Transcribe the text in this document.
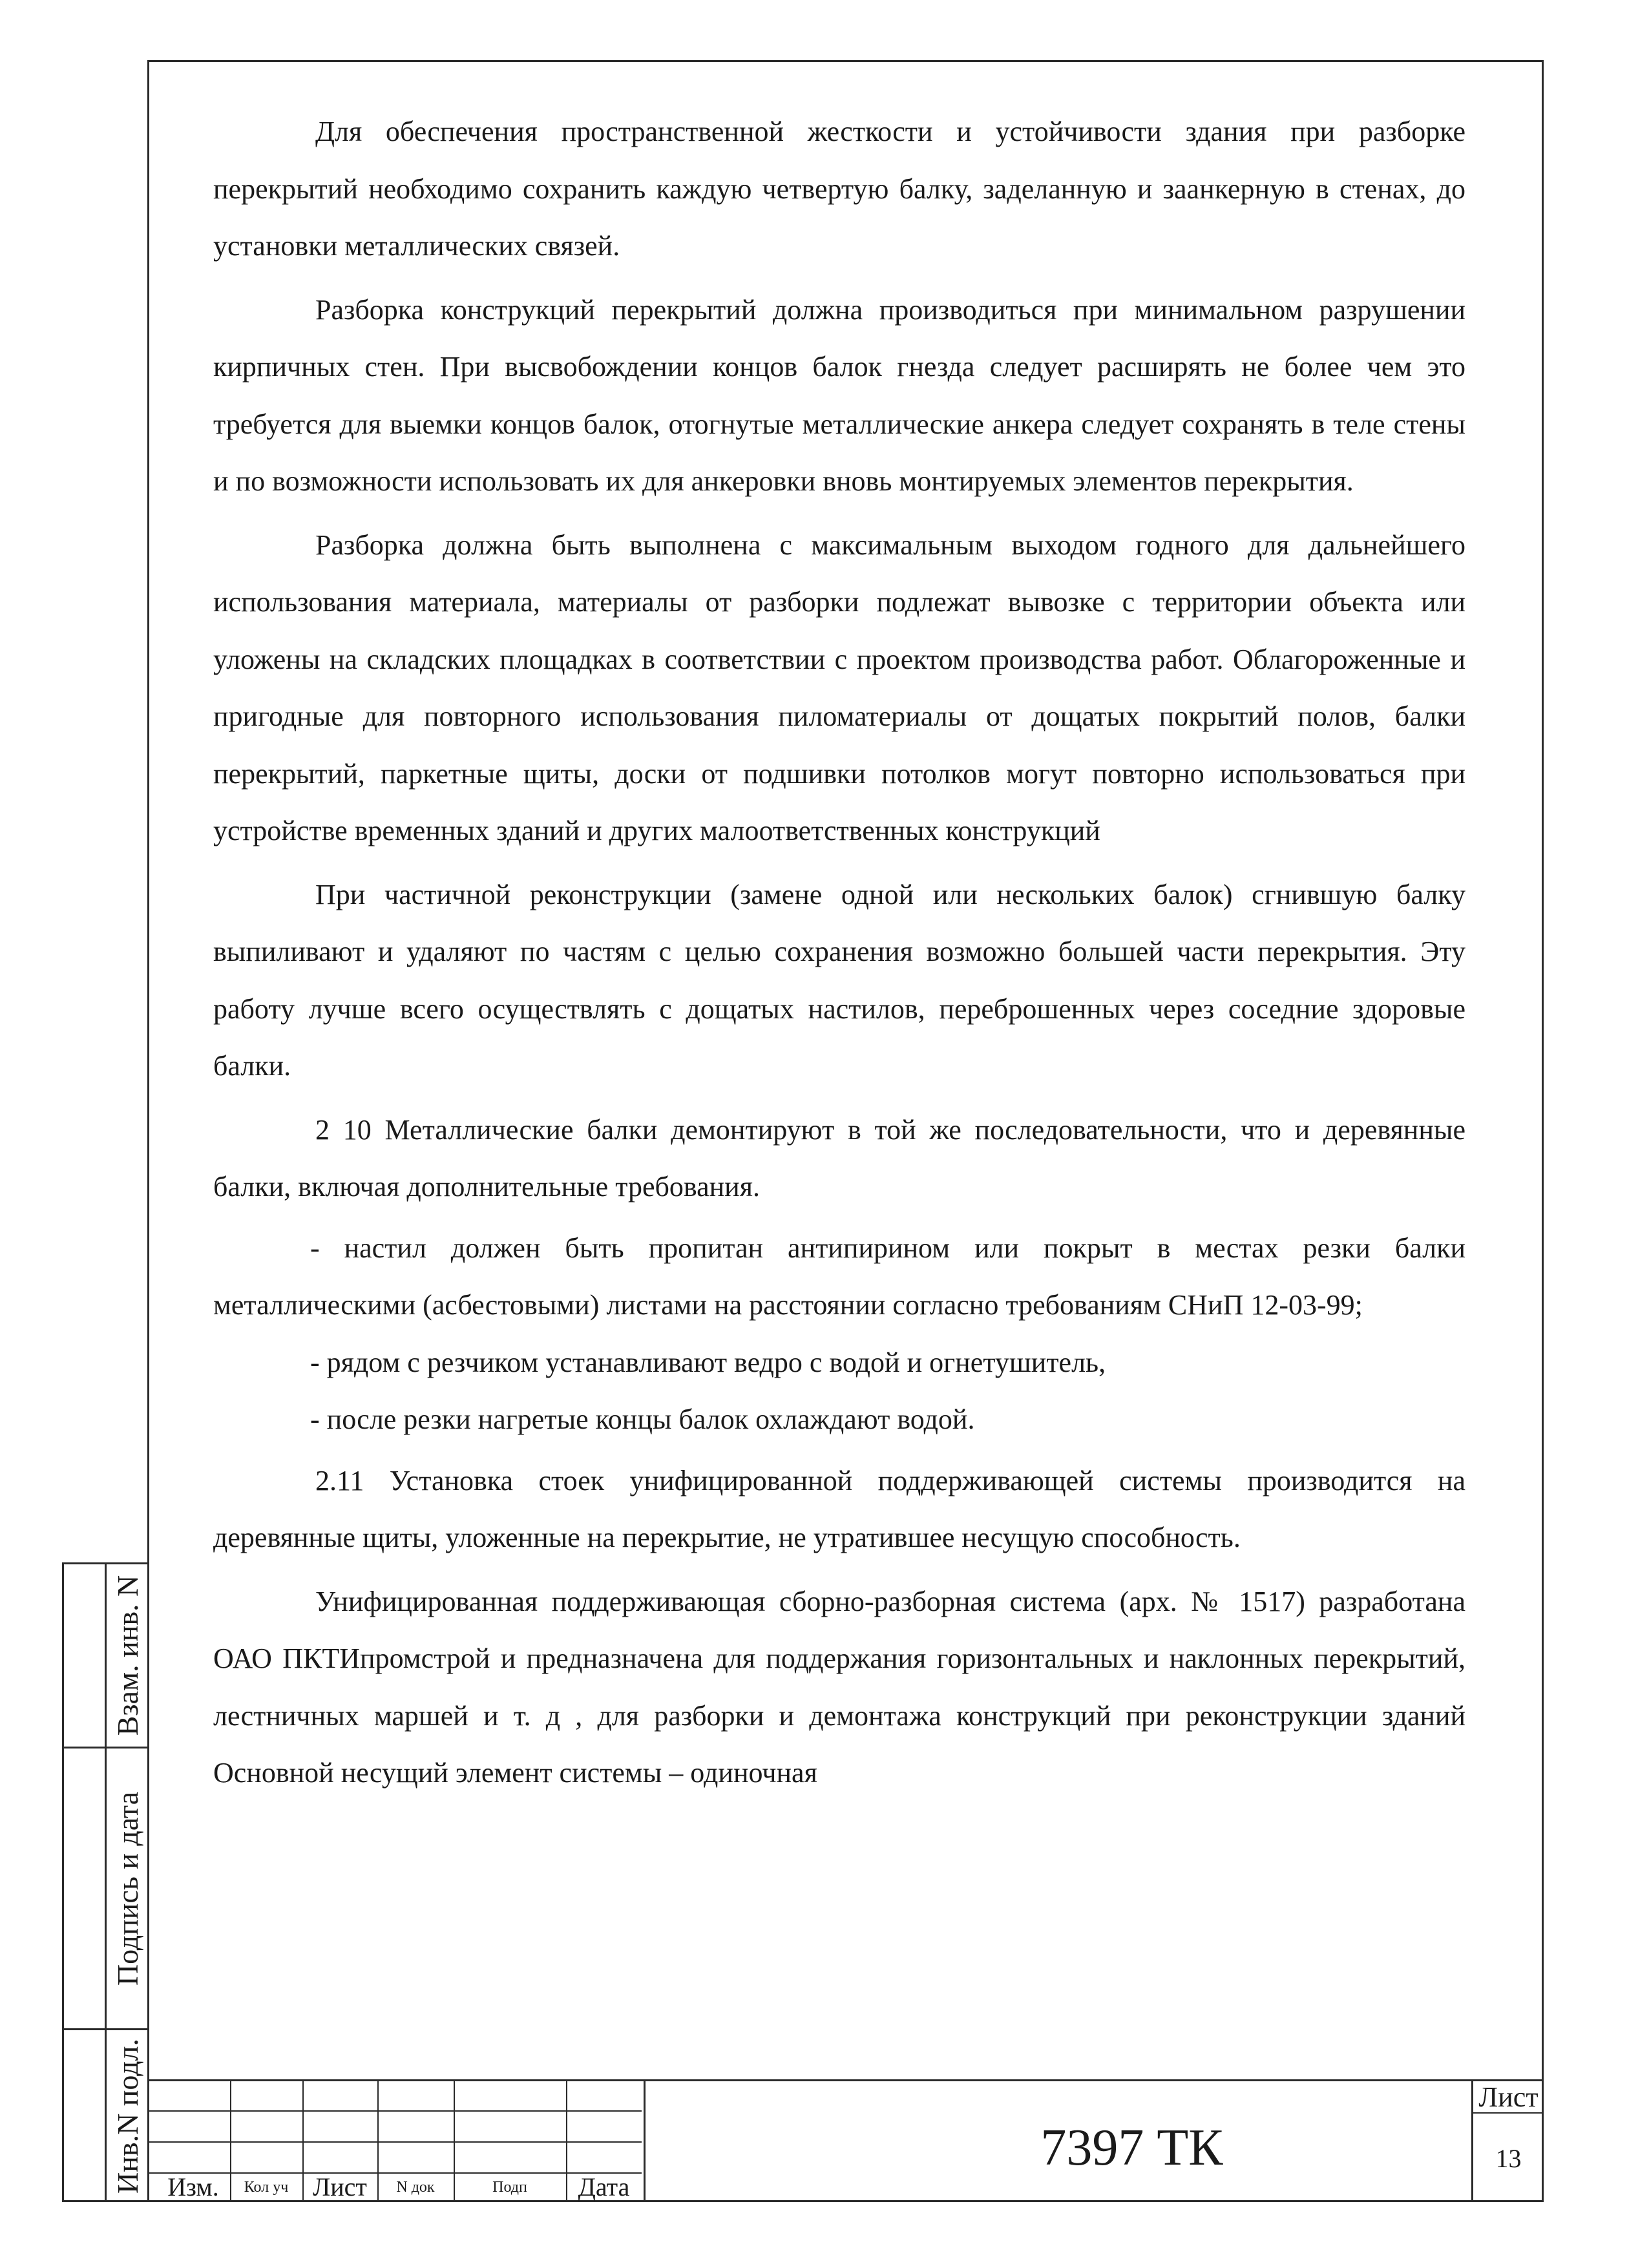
Взам. инв. N
Подпись и дата
Инв.N подл.

Для обеспечения пространственной жесткости и устойчивости здания при разборке перекрытий необходимо сохранить каждую четвертую балку, заделанную и заанкерную в стенах, до установки металлических связей.

Разборка конструкций перекрытий должна производиться при минимальном разрушении кирпичных стен. При высвобождении концов балок гнезда следует расширять не более чем это требуется для выемки концов балок, отогнутые металлические анкера следует сохранять в теле стены и по возможности использовать их для анкеровки вновь монтируемых элементов перекрытия.

Разборка должна быть выполнена с максимальным выходом годного для дальнейшего использования материала, материалы от разборки подлежат вывозке с территории объекта или уложены на складских площадках в соответствии с проектом производства работ. Облагороженные и пригодные для повторного использования пиломатериалы от дощатых покрытий полов, балки перекрытий, паркетные щиты, доски от подшивки потолков могут повторно использоваться при устройстве временных зданий и других малоответственных конструкций

При частичной реконструкции (замене одной или нескольких балок) сгнившую балку выпиливают и удаляют по частям с целью сохранения возможно большей части перекрытия. Эту работу лучше всего осуществлять с дощатых настилов, переброшенных через соседние здоровые балки.

2 10 Металлические балки демонтируют в той же последовательности, что и деревянные балки, включая дополнительные требования.

- настил должен быть пропитан антипирином или покрыт в местах резки балки металлическими (асбестовыми) листами на расстоянии согласно требованиям СНиП 12-03-99;

- рядом с резчиком устанавливают ведро с водой и огнетушитель,

- после резки нагретые концы балок охлаждают водой.

2.11 Установка стоек унифицированной поддерживающей системы производится на деревянные щиты, уложенные на перекрытие, не утратившее несущую способность.

Унифицированная поддерживающая сборно-разборная система (арх. № 1517) разработана ОАО ПКТИпромстрой и предназначена для поддержания горизонтальных и наклонных перекрытий, лестничных маршей и т. д , для разборки и демонтажа конструкций при реконструкции зданий Основной несущий элемент системы – одиночная

Изм.	Кол уч Лист	N док	Подп	Дата
7397 ТК
Лист
13
